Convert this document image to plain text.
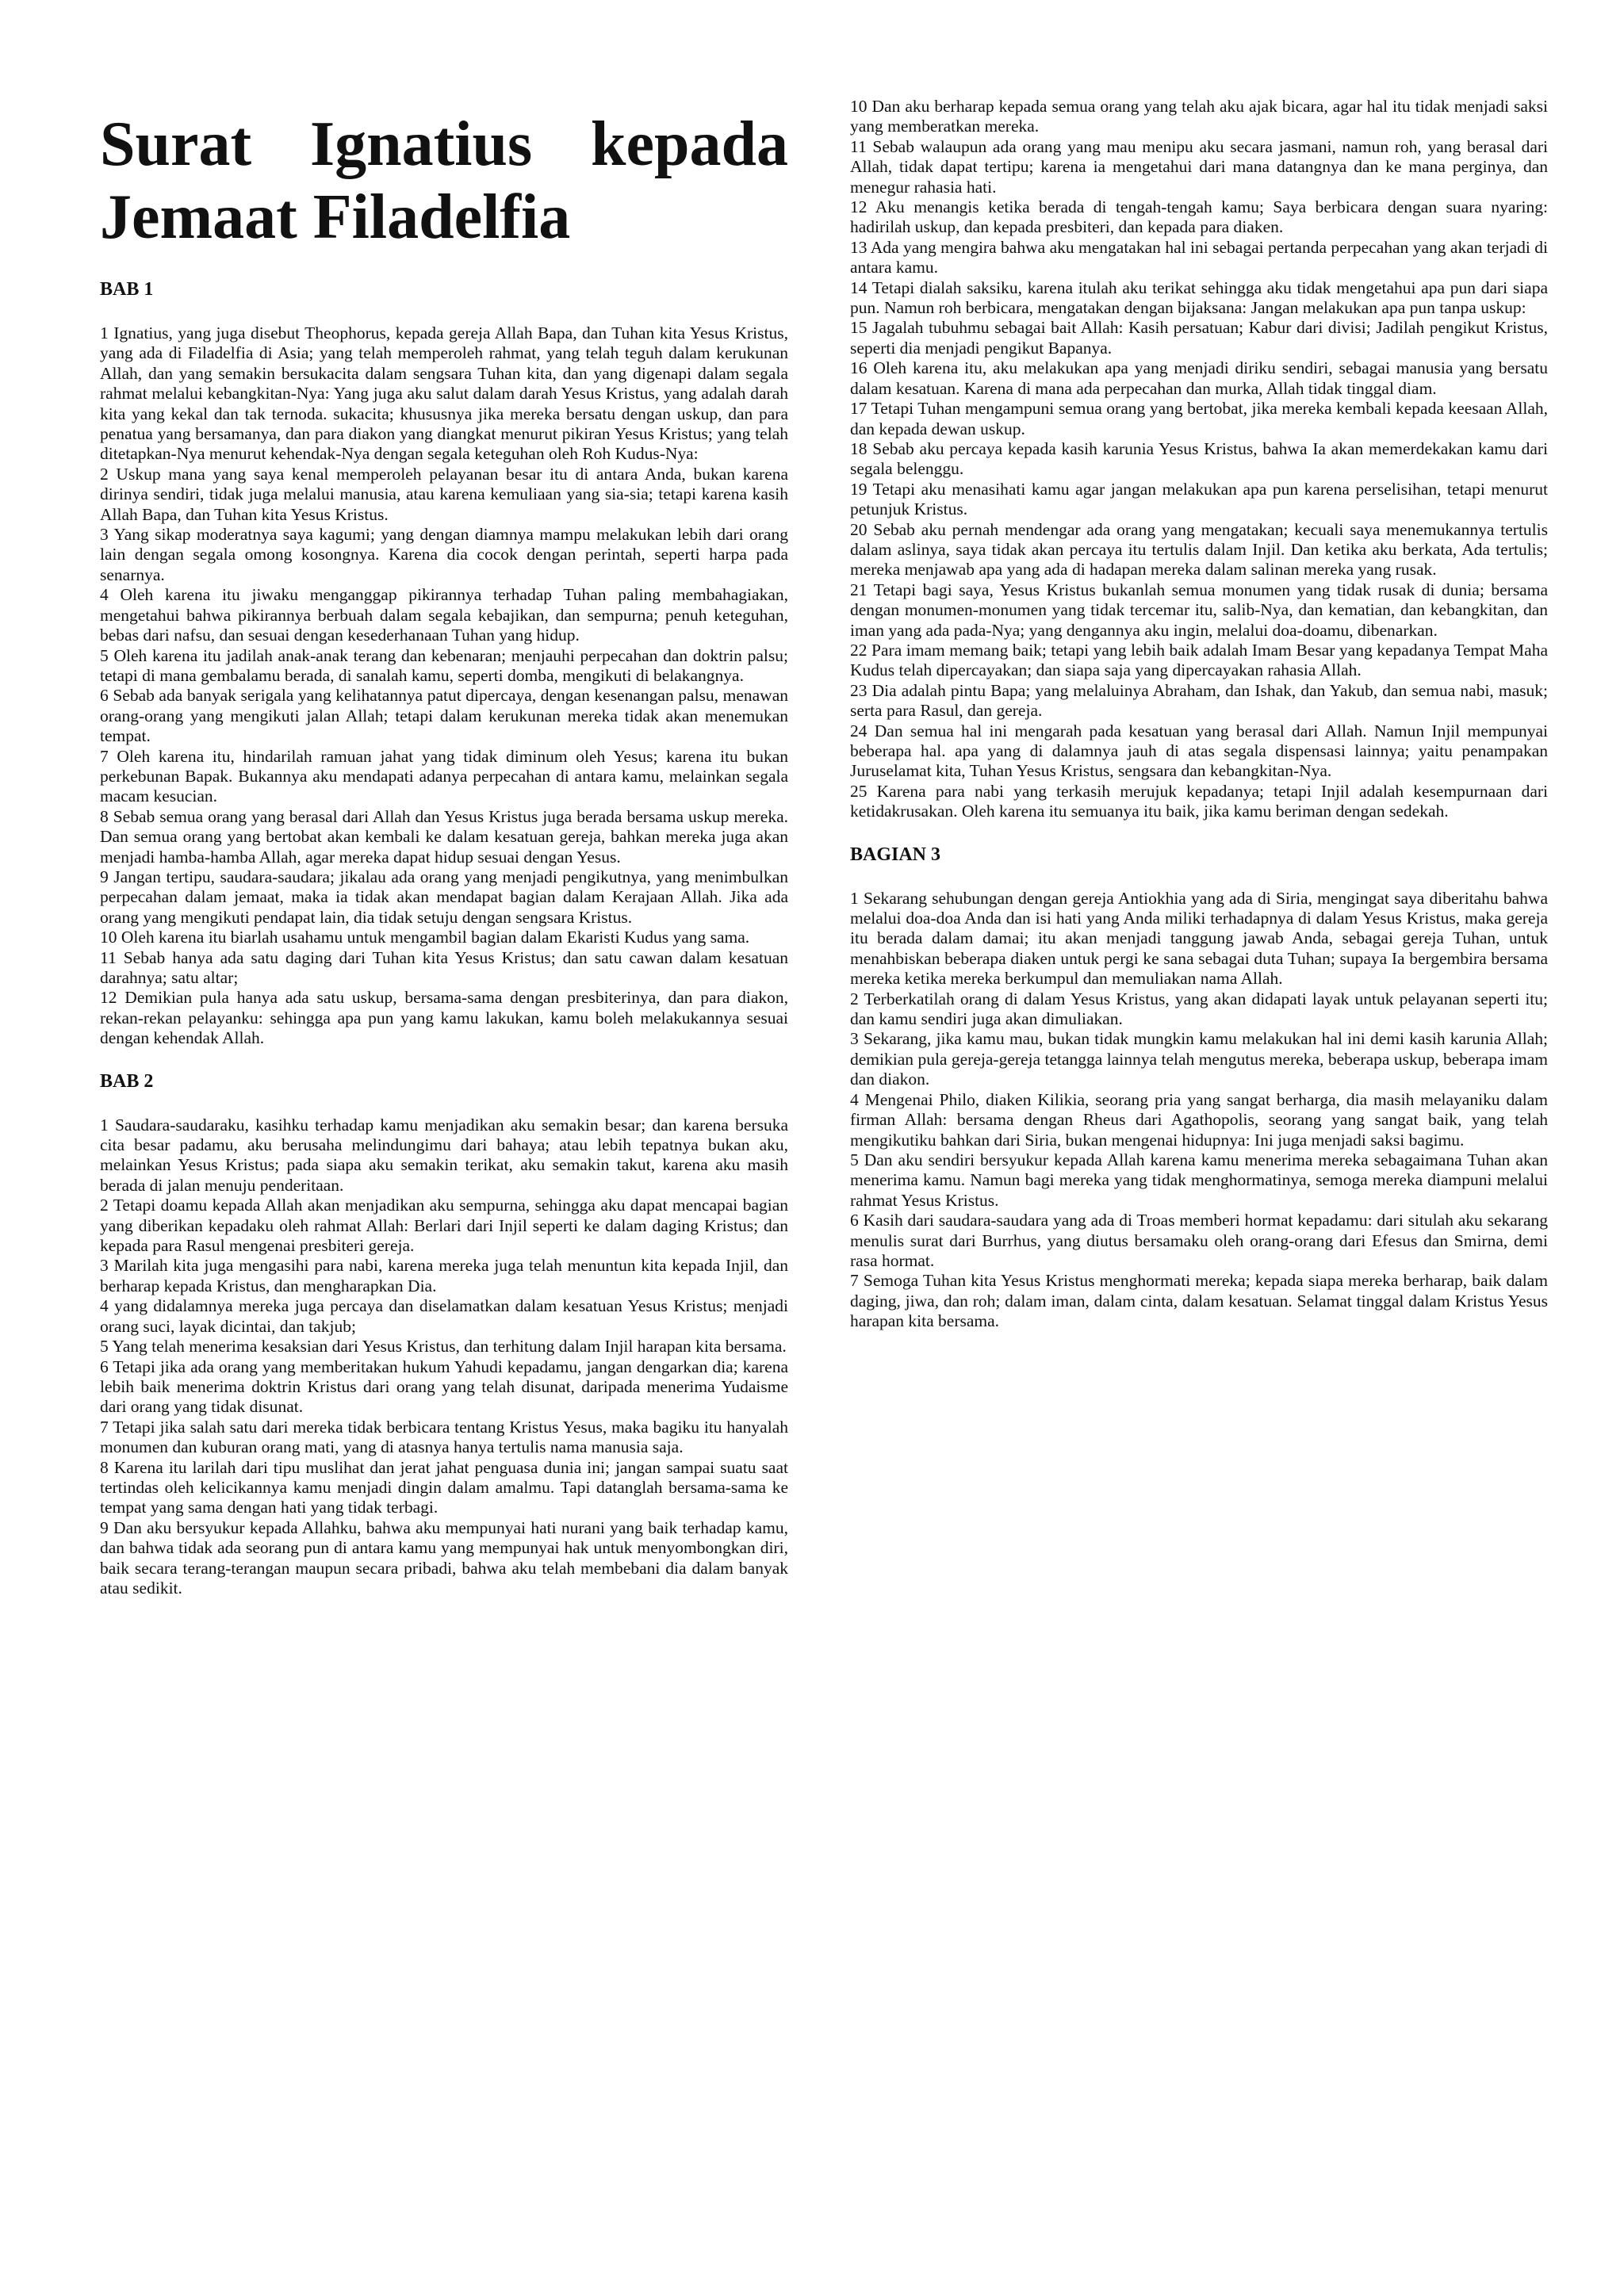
Surat Ignatius kepada Jemaat Filadelfia
BAB 1

1 Ignatius, yang juga disebut Theophorus, kepada gereja Allah Bapa, dan Tuhan kita Yesus Kristus, yang ada di Filadelfia di Asia; yang telah memperoleh rahmat, yang telah teguh dalam kerukunan Allah, dan yang semakin bersukacita dalam sengsara Tuhan kita, dan yang digenapi dalam segala rahmat melalui kebangkitan-Nya: Yang juga aku salut dalam darah Yesus Kristus, yang adalah darah kita yang kekal dan tak ternoda. sukacita; khususnya jika mereka bersatu dengan uskup, dan para penatua yang bersamanya, dan para diakon yang diangkat menurut pikiran Yesus Kristus; yang telah ditetapkan-Nya menurut kehendak-Nya dengan segala keteguhan oleh Roh Kudus-Nya:

2 Uskup mana yang saya kenal memperoleh pelayanan besar itu di antara Anda, bukan karena dirinya sendiri, tidak juga melalui manusia, atau karena kemuliaan yang sia-sia; tetapi karena kasih Allah Bapa, dan Tuhan kita Yesus Kristus.

3 Yang sikap moderatnya saya kagumi; yang dengan diamnya mampu melakukan lebih dari orang lain dengan segala omong kosongnya. Karena dia cocok dengan perintah, seperti harpa pada senarnya.

4 Oleh karena itu jiwaku menganggap pikirannya terhadap Tuhan paling membahagiakan, mengetahui bahwa pikirannya berbuah dalam segala kebajikan, dan sempurna; penuh keteguhan, bebas dari nafsu, dan sesuai dengan kesederhanaan Tuhan yang hidup.

5 Oleh karena itu jadilah anak-anak terang dan kebenaran; menjauhi perpecahan dan doktrin palsu; tetapi di mana gembalamu berada, di sanalah kamu, seperti domba, mengikuti di belakangnya.

6 Sebab ada banyak serigala yang kelihatannya patut dipercaya, dengan kesenangan palsu, menawan orang-orang yang mengikuti jalan Allah; tetapi dalam kerukunan mereka tidak akan menemukan tempat.

7 Oleh karena itu, hindarilah ramuan jahat yang tidak diminum oleh Yesus; karena itu bukan perkebunan Bapak. Bukannya aku mendapati adanya perpecahan di antara kamu, melainkan segala macam kesucian.

8 Sebab semua orang yang berasal dari Allah dan Yesus Kristus juga berada bersama uskup mereka. Dan semua orang yang bertobat akan kembali ke dalam kesatuan gereja, bahkan mereka juga akan menjadi hamba-hamba Allah, agar mereka dapat hidup sesuai dengan Yesus.

9 Jangan tertipu, saudara-saudara; jikalau ada orang yang menjadi pengikutnya, yang menimbulkan perpecahan dalam jemaat, maka ia tidak akan mendapat bagian dalam Kerajaan Allah. Jika ada orang yang mengikuti pendapat lain, dia tidak setuju dengan sengsara Kristus.

10 Oleh karena itu biarlah usahamu untuk mengambil bagian dalam Ekaristi Kudus yang sama.

11 Sebab hanya ada satu daging dari Tuhan kita Yesus Kristus; dan satu cawan dalam kesatuan darahnya; satu altar;

12 Demikian pula hanya ada satu uskup, bersama-sama dengan presbiterinya, dan para diakon, rekan-rekan pelayanku: sehingga apa pun yang kamu lakukan, kamu boleh melakukannya sesuai dengan kehendak Allah.

BAB 2

1 Saudara-saudaraku, kasihku terhadap kamu menjadikan aku semakin besar; dan karena bersuka cita besar padamu, aku berusaha melindungimu dari bahaya; atau lebih tepatnya bukan aku, melainkan Yesus Kristus; pada siapa aku semakin terikat, aku semakin takut, karena aku masih berada di jalan menuju penderitaan.

2 Tetapi doamu kepada Allah akan menjadikan aku sempurna, sehingga aku dapat mencapai bagian yang diberikan kepadaku oleh rahmat Allah: Berlari dari Injil seperti ke dalam daging Kristus; dan kepada para Rasul mengenai presbiteri gereja.

3 Marilah kita juga mengasihi para nabi, karena mereka juga telah menuntun kita kepada Injil, dan berharap kepada Kristus, dan mengharapkan Dia.

4 yang didalamnya mereka juga percaya dan diselamatkan dalam kesatuan Yesus Kristus; menjadi orang suci, layak dicintai, dan takjub;

5 Yang telah menerima kesaksian dari Yesus Kristus, dan terhitung dalam Injil harapan kita bersama.

6 Tetapi jika ada orang yang memberitakan hukum Yahudi kepadamu, jangan dengarkan dia; karena lebih baik menerima doktrin Kristus dari orang yang telah disunat, daripada menerima Yudaisme dari orang yang tidak disunat.

7 Tetapi jika salah satu dari mereka tidak berbicara tentang Kristus Yesus, maka bagiku itu hanyalah monumen dan kuburan orang mati, yang di atasnya hanya tertulis nama manusia saja.

8 Karena itu larilah dari tipu muslihat dan jerat jahat penguasa dunia ini; jangan sampai suatu saat tertindas oleh kelicikannya kamu menjadi dingin dalam amalmu. Tapi datanglah bersama-sama ke tempat yang sama dengan hati yang tidak terbagi.

9 Dan aku bersyukur kepada Allahku, bahwa aku mempunyai hati nurani yang baik terhadap kamu, dan bahwa tidak ada seorang pun di antara kamu yang mempunyai hak untuk menyombongkan diri, baik secara terang-terangan maupun secara pribadi, bahwa aku telah membebani dia dalam banyak atau sedikit.

10 Dan aku berharap kepada semua orang yang telah aku ajak bicara, agar hal itu tidak menjadi saksi yang memberatkan mereka.

11 Sebab walaupun ada orang yang mau menipu aku secara jasmani, namun roh, yang berasal dari Allah, tidak dapat tertipu; karena ia mengetahui dari mana datangnya dan ke mana perginya, dan menegur rahasia hati.

12 Aku menangis ketika berada di tengah-tengah kamu; Saya berbicara dengan suara nyaring: hadirilah uskup, dan kepada presbiteri, dan kepada para diaken.

13 Ada yang mengira bahwa aku mengatakan hal ini sebagai pertanda perpecahan yang akan terjadi di antara kamu.

14 Tetapi dialah saksiku, karena itulah aku terikat sehingga aku tidak mengetahui apa pun dari siapa pun. Namun roh berbicara, mengatakan dengan bijaksana: Jangan melakukan apa pun tanpa uskup:

15 Jagalah tubuhmu sebagai bait Allah: Kasih persatuan; Kabur dari divisi; Jadilah pengikut Kristus, seperti dia menjadi pengikut Bapanya.

16 Oleh karena itu, aku melakukan apa yang menjadi diriku sendiri, sebagai manusia yang bersatu dalam kesatuan. Karena di mana ada perpecahan dan murka, Allah tidak tinggal diam.

17 Tetapi Tuhan mengampuni semua orang yang bertobat, jika mereka kembali kepada keesaan Allah, dan kepada dewan uskup.

18 Sebab aku percaya kepada kasih karunia Yesus Kristus, bahwa Ia akan memerdekakan kamu dari segala belenggu.

19 Tetapi aku menasihati kamu agar jangan melakukan apa pun karena perselisihan, tetapi menurut petunjuk Kristus.

20 Sebab aku pernah mendengar ada orang yang mengatakan; kecuali saya menemukannya tertulis dalam aslinya, saya tidak akan percaya itu tertulis dalam Injil. Dan ketika aku berkata, Ada tertulis; mereka menjawab apa yang ada di hadapan mereka dalam salinan mereka yang rusak.

21 Tetapi bagi saya, Yesus Kristus bukanlah semua monumen yang tidak rusak di dunia; bersama dengan monumen-monumen yang tidak tercemar itu, salib-Nya, dan kematian, dan kebangkitan, dan iman yang ada pada-Nya; yang dengannya aku ingin, melalui doa-doamu, dibenarkan.

22 Para imam memang baik; tetapi yang lebih baik adalah Imam Besar yang kepadanya Tempat Maha Kudus telah dipercayakan; dan siapa saja yang dipercayakan rahasia Allah.

23 Dia adalah pintu Bapa; yang melaluinya Abraham, dan Ishak, dan Yakub, dan semua nabi, masuk; serta para Rasul, dan gereja.

24 Dan semua hal ini mengarah pada kesatuan yang berasal dari Allah. Namun Injil mempunyai beberapa hal. apa yang di dalamnya jauh di atas segala dispensasi lainnya; yaitu penampakan Juruselamat kita, Tuhan Yesus Kristus, sengsara dan kebangkitan-Nya.

25 Karena para nabi yang terkasih merujuk kepadanya; tetapi Injil adalah kesempurnaan dari ketidakrusakan. Oleh karena itu semuanya itu baik, jika kamu beriman dengan sedekah.

BAGIAN 3

1 Sekarang sehubungan dengan gereja Antiokhia yang ada di Siria, mengingat saya diberitahu bahwa melalui doa-doa Anda dan isi hati yang Anda miliki terhadapnya di dalam Yesus Kristus, maka gereja itu berada dalam damai; itu akan menjadi tanggung jawab Anda, sebagai gereja Tuhan, untuk menahbiskan beberapa diaken untuk pergi ke sana sebagai duta Tuhan; supaya Ia bergembira bersama mereka ketika mereka berkumpul dan memuliakan nama Allah.

2 Terberkatilah orang di dalam Yesus Kristus, yang akan didapati layak untuk pelayanan seperti itu; dan kamu sendiri juga akan dimuliakan.

3 Sekarang, jika kamu mau, bukan tidak mungkin kamu melakukan hal ini demi kasih karunia Allah; demikian pula gereja-gereja tetangga lainnya telah mengutus mereka, beberapa uskup, beberapa imam dan diakon.

4 Mengenai Philo, diaken Kilikia, seorang pria yang sangat berharga, dia masih melayaniku dalam firman Allah: bersama dengan Rheus dari Agathopolis, seorang yang sangat baik, yang telah mengikutiku bahkan dari Siria, bukan mengenai hidupnya: Ini juga menjadi saksi bagimu.

5 Dan aku sendiri bersyukur kepada Allah karena kamu menerima mereka sebagaimana Tuhan akan menerima kamu. Namun bagi mereka yang tidak menghormatinya, semoga mereka diampuni melalui rahmat Yesus Kristus.

6 Kasih dari saudara-saudara yang ada di Troas memberi hormat kepadamu: dari situlah aku sekarang menulis surat dari Burrhus, yang diutus bersamaku oleh orang-orang dari Efesus dan Smirna, demi rasa hormat.

7 Semoga Tuhan kita Yesus Kristus menghormati mereka; kepada siapa mereka berharap, baik dalam daging, jiwa, dan roh; dalam iman, dalam cinta, dalam kesatuan. Selamat tinggal dalam Kristus Yesus harapan kita bersama.
